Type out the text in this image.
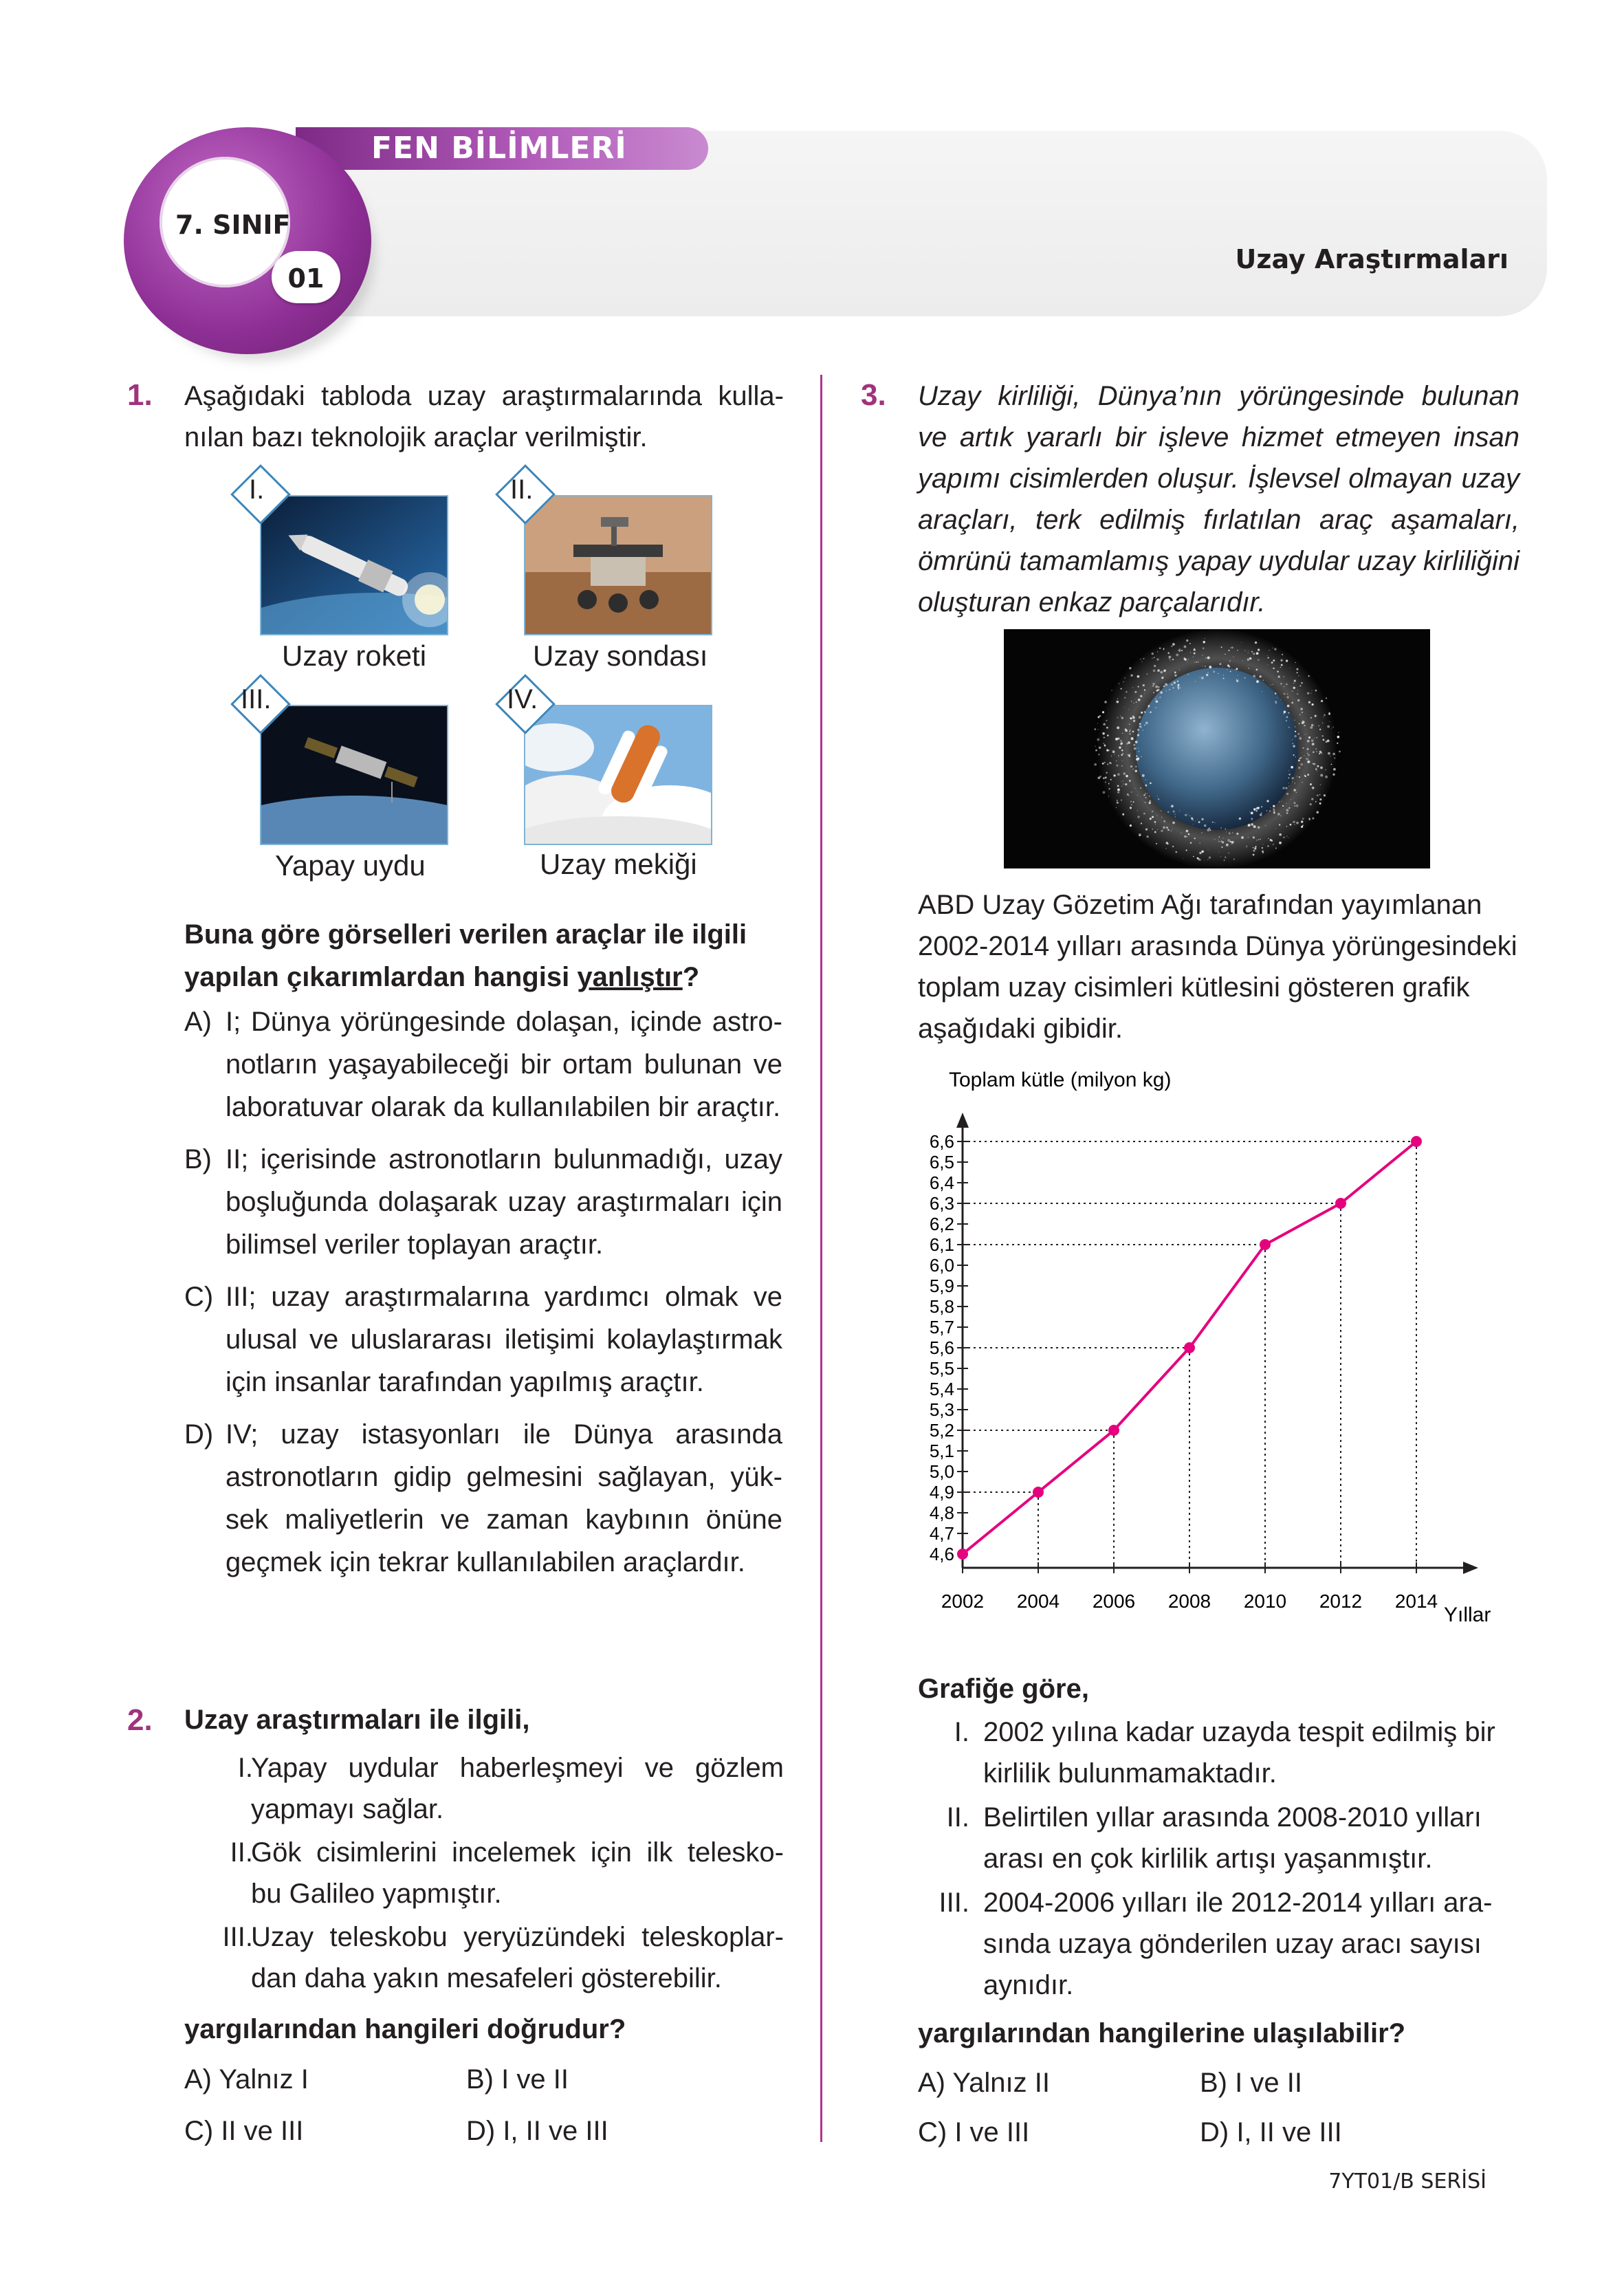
FEN BİLİMLERİ
7. SINIF
01
Uzay Araştırmaları
1. Aşağıdaki tabloda uzay araştırmalarında kulla-
nılan bazı teknolojik araçlar verilmiştir.
I.
Uzay roketi
II.
Uzay sondası
III.
Yapay uydu
IV.
Uzay mekiği
Buna göre görselleri verilen araçlar ile ilgili
yapılan çıkarımlardan hangisi yanlıştır?
A) I; Dünya yörüngesinde dolaşan, içinde astro-
notların yaşayabileceği bir ortam bulunan ve
laboratuvar olarak da kullanılabilen bir araçtır.
B) II; içerisinde astronotların bulunmadığı, uzay
boşluğunda dolaşarak uzay araştırmaları için
bilimsel veriler toplayan araçtır.
C) III; uzay araştırmalarına yardımcı olmak ve
ulusal ve uluslararası iletişimi kolaylaştırmak
için insanlar tarafından yapılmış araçtır.
D) IV; uzay istasyonları ile Dünya arasında
astronotların gidip gelmesini sağlayan, yük-
sek maliyetlerin ve zaman kaybının önüne
geçmek için tekrar kullanılabilen araçlardır.
2. Uzay araştırmaları ile ilgili,
I.
Yapay uydular haberleşmeyi ve gözlem
yapmayı sağlar.
II.
Gök cisimlerini incelemek için ilk telesko-
bu Galileo yapmıştır.
III.
Uzay teleskobu yeryüzündeki teleskoplar-
dan daha yakın mesafeleri gösterebilir.
yargılarından hangileri doğrudur?
A) Yalnız I	B) I ve II
C) II ve III	D) I, II ve III
3. Uzay kirliliği, Dünya’nın yörüngesinde bulunan
ve artık yararlı bir işleve hizmet etmeyen insan
yapımı cisimlerden oluşur. İşlevsel olmayan uzay
araçları, terk edilmiş fırlatılan araç aşamaları,
ömrünü tamamlamış yapay uydular uzay kirliliğini
oluşturan enkaz parçalarıdır.
ABD Uzay Gözetim Ağı tarafından yayımlanan
2002-2014 yılları arasında Dünya yörüngesindeki
toplam uzay cisimleri kütlesini gösteren grafik
aşağıdaki gibidir.
Toplam kütle (milyon kg)
Yıllar
4,6
4,7
4,8
4,9
5,0
5,1
5,2
5,3
5,4
5,5
5,6
5,7
5,8
5,9
6,0
6,1
6,2
6,3
6,4
6,5
6,6
2002 2004 2006 2008 2010 2012 2014
Grafiğe göre,
I. 2002 yılına kadar uzayda tespit edilmiş bir
kirlilik bulunmamaktadır.
II. Belirtilen yıllar arasında 2008-2010 yılları
arası en çok kirlilik artışı yaşanmıştır.
III. 2004-2006 yılları ile 2012-2014 yılları ara-
sında uzaya gönderilen uzay aracı sayısı
aynıdır.
yargılarından hangilerine ulaşılabilir?
A) Yalnız II	B) I ve II
C) I ve III	D) I, II ve III
7YT01/B SERİSİ
